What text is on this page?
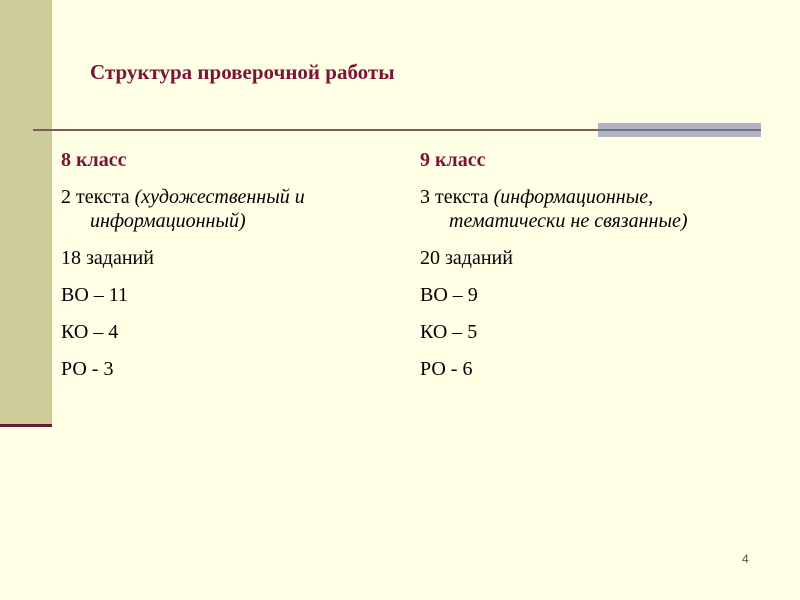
Структура проверочной работы
8 класс
2 текста (художественный и
информационный)
18 заданий
ВО – 11
КО – 4
РО - 3
9 класс
3 текста (информационные,
тематически не связанные)
20 заданий
ВО – 9
КО – 5
РО - 6
4
